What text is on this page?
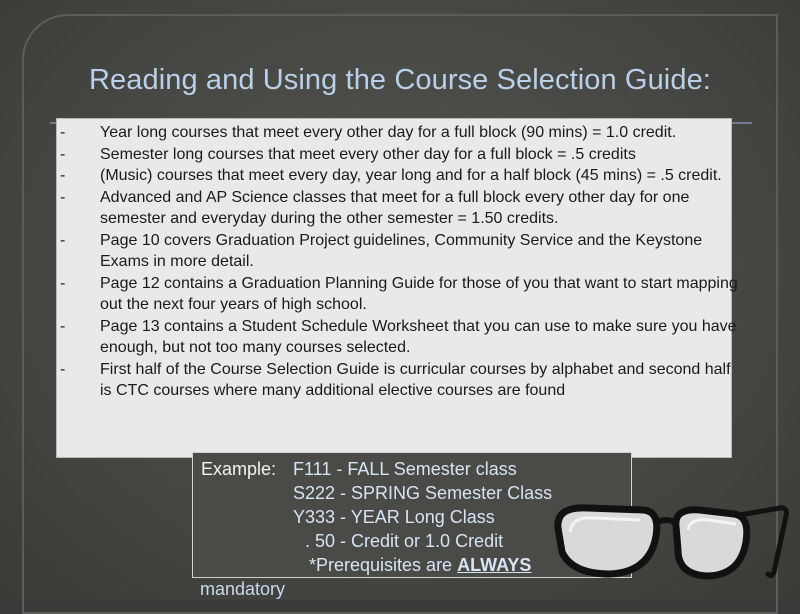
Reading and Using the Course Selection Guide:
- Year long courses that meet every other day for a full block (90 mins) = 1.0 credit.
- Semester long courses that meet every other day for a full block = .5 credits
- (Music) courses that meet every day, year long and for a half block (45 mins) = .5 credit.
- Advanced and AP Science classes that meet for a full block every other day for one semester and everyday during the other semester = 1.50 credits.
- Page 10 covers Graduation Project guidelines, Community Service and the Keystone Exams in more detail.
- Page 12 contains a Graduation Planning Guide for those of you that want to start mapping out the next four years of high school.
- Page 13 contains a Student Schedule Worksheet that you can use to make sure you have enough, but not too many courses selected.
- First half of the Course Selection Guide is curricular courses by alphabet and second half is CTC courses where many additional elective courses are found
Example: F111 - FALL Semester class
S222 - SPRING Semester Class
Y333 - YEAR Long Class
. 50 - Credit or 1.0 Credit
*Prerequisites are ALWAYS
mandatory
